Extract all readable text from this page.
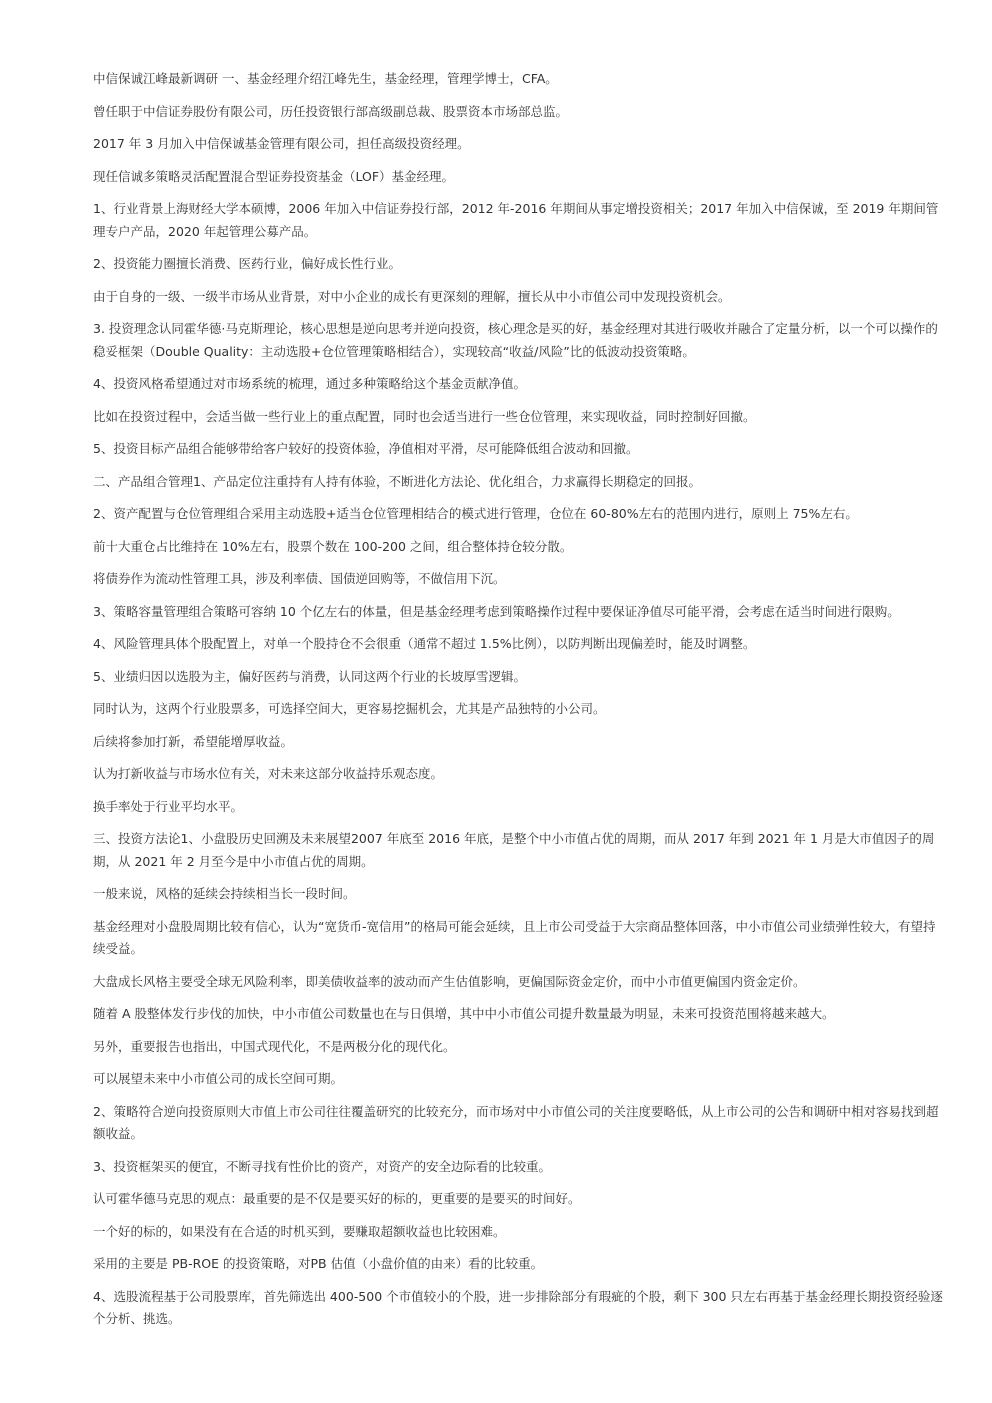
中信保诚江峰最新调研 一、基金经理介绍江峰先生，基金经理，管理学博士，CFA。

曾任职于中信证券股份有限公司，历任投资银行部高级副总裁、股票资本市场部总监。

2017 年 3 月加入中信保诚基金管理有限公司，担任高级投资经理。

现任信诚多策略灵活配置混合型证券投资基金（LOF）基金经理。

1、行业背景上海财经大学本硕博，2006 年加入中信证券投行部，2012 年-2016 年期间从事定增投资相关；2017 年加入中信保诚，至 2019 年期间管理专户产品，2020 年起管理公募产品。

2、投资能力圈擅长消费、医药行业，偏好成长性行业。

由于自身的一级、一级半市场从业背景，对中小企业的成长有更深刻的理解，擅长从中小市值公司中发现投资机会。

3. 投资理念认同霍华德·马克斯理论，核心思想是逆向思考并逆向投资，核心理念是买的好，基金经理对其进行吸收并融合了定量分析，以一个可以操作的稳妥框架（Double Quality：主动选股+仓位管理策略相结合），实现较高“收益/风险”比的低波动投资策略。

4、投资风格希望通过对市场系统的梳理，通过多种策略给这个基金贡献净值。

比如在投资过程中，会适当做一些行业上的重点配置，同时也会适当进行一些仓位管理，来实现收益，同时控制好回撤。

5、投资目标产品组合能够带给客户较好的投资体验，净值相对平滑，尽可能降低组合波动和回撤。

二、产品组合管理1、产品定位注重持有人持有体验，不断进化方法论、优化组合，力求赢得长期稳定的回报。

2、资产配置与仓位管理组合采用主动选股+适当仓位管理相结合的模式进行管理，仓位在 60-80%左右的范围内进行，原则上 75%左右。

前十大重仓占比维持在 10%左右，股票个数在 100-200 之间，组合整体持仓较分散。

将债券作为流动性管理工具，涉及利率债、国债逆回购等，不做信用下沉。

3、策略容量管理组合策略可容纳 10 个亿左右的体量，但是基金经理考虑到策略操作过程中要保证净值尽可能平滑，会考虑在适当时间进行限购。

4、风险管理具体个股配置上，对单一个股持仓不会很重（通常不超过 1.5%比例），以防判断出现偏差时，能及时调整。

5、业绩归因以选股为主，偏好医药与消费，认同这两个行业的长坡厚雪逻辑。

同时认为，这两个行业股票多，可选择空间大，更容易挖掘机会，尤其是产品独特的小公司。

后续将参加打新，希望能增厚收益。

认为打新收益与市场水位有关，对未来这部分收益持乐观态度。

换手率处于行业平均水平。

三、投资方法论1、小盘股历史回溯及未来展望2007 年底至 2016 年底，是整个中小市值占优的周期，而从 2017 年到 2021 年 1 月是大市值因子的周期，从 2021 年 2 月至今是中小市值占优的周期。

一般来说，风格的延续会持续相当长一段时间。

基金经理对小盘股周期比较有信心，认为“宽货币-宽信用”的格局可能会延续，且上市公司受益于大宗商品整体回落，中小市值公司业绩弹性较大，有望持续受益。

大盘成长风格主要受全球无风险利率，即美债收益率的波动而产生估值影响，更偏国际资金定价，而中小市值更偏国内资金定价。

随着 A 股整体发行步伐的加快，中小市值公司数量也在与日俱增，其中中小市值公司提升数量最为明显，未来可投资范围将越来越大。

另外，重要报告也指出，中国式现代化，不是两极分化的现代化。

可以展望未来中小市值公司的成长空间可期。

2、策略符合逆向投资原则大市值上市公司往往覆盖研究的比较充分，而市场对中小市值公司的关注度要略低，从上市公司的公告和调研中相对容易找到超额收益。

3、投资框架买的便宜，不断寻找有性价比的资产，对资产的安全边际看的比较重。

认可霍华德马克思的观点：最重要的是不仅是要买好的标的，更重要的是要买的时间好。

一个好的标的，如果没有在合适的时机买到，要赚取超额收益也比较困难。

采用的主要是 PB-ROE 的投资策略，对PB 估值（小盘价值的由来）看的比较重。

4、选股流程基于公司股票库，首先筛选出 400-500 个市值较小的个股，进一步排除部分有瑕疵的个股，剩下 300 只左右再基于基金经理长期投资经验逐个分析、挑选。
